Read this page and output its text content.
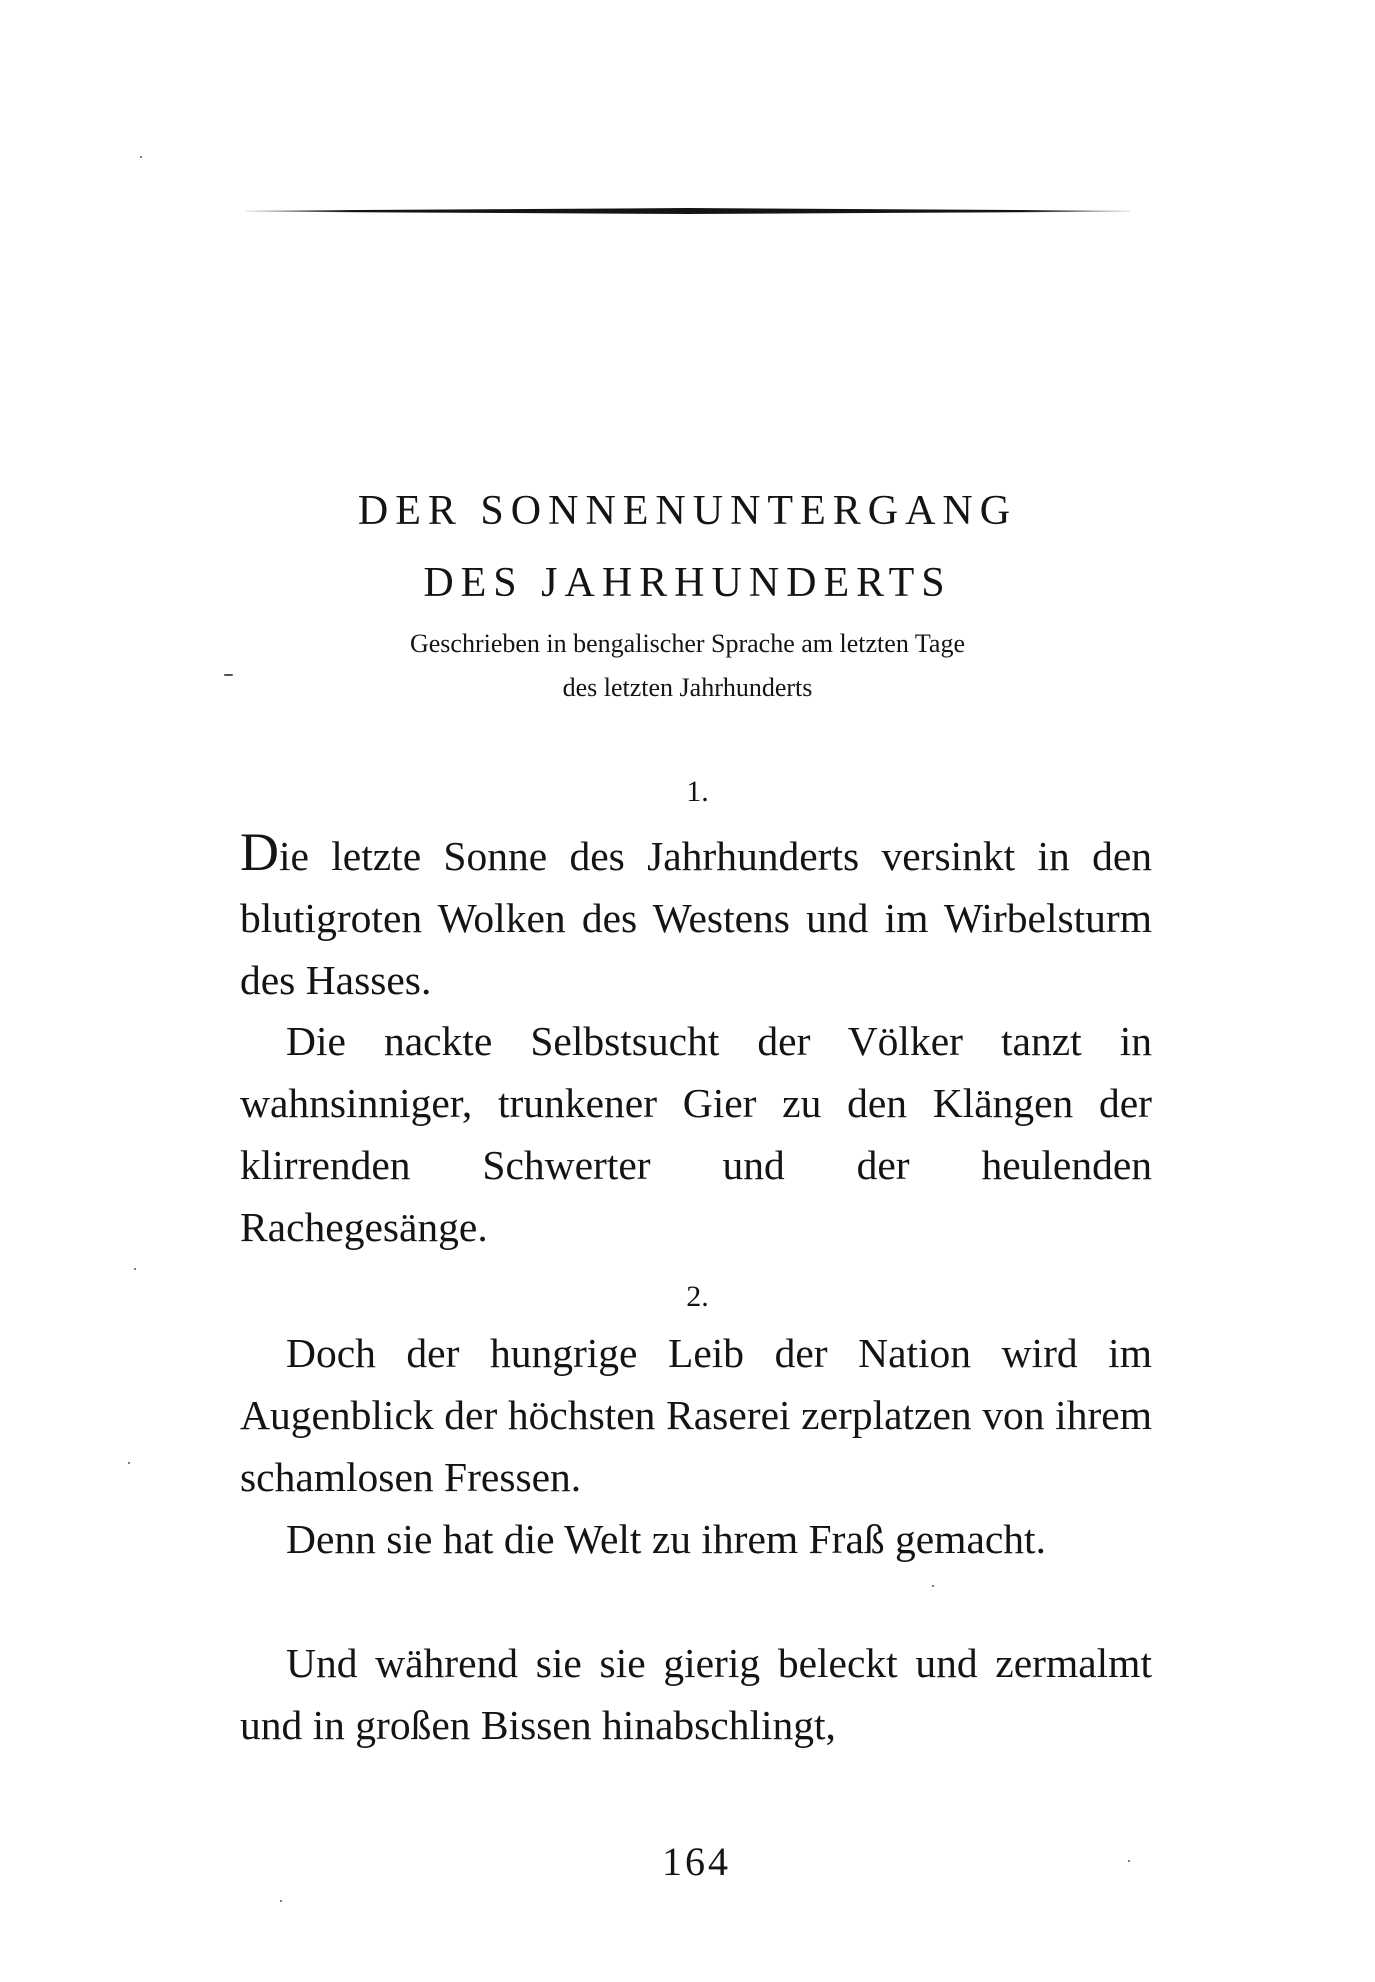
DER SONNENUNTERGANG
DES JAHRHUNDERTS

Geschrieben in bengalischer Sprache am letzten Tage

des letzten Jahrhunderts

1.

Die letzte Sonne des Jahrhunderts versinkt in den blutigroten Wolken des Westens und im Wirbelsturm des Hasses.

Die nackte Selbstsucht der Völker tanzt in wahnsinniger, trunkener Gier zu den Klängen der klirrenden Schwerter und der heulenden Rachegesänge.

2.

Doch der hungrige Leib der Nation wird im Augenblick der höchsten Raserei zerplatzen von ihrem schamlosen Fressen.

Denn sie hat die Welt zu ihrem Fraß gemacht.

Und während sie sie gierig beleckt und zermalmt und in großen Bissen hinabschlingt,

164
